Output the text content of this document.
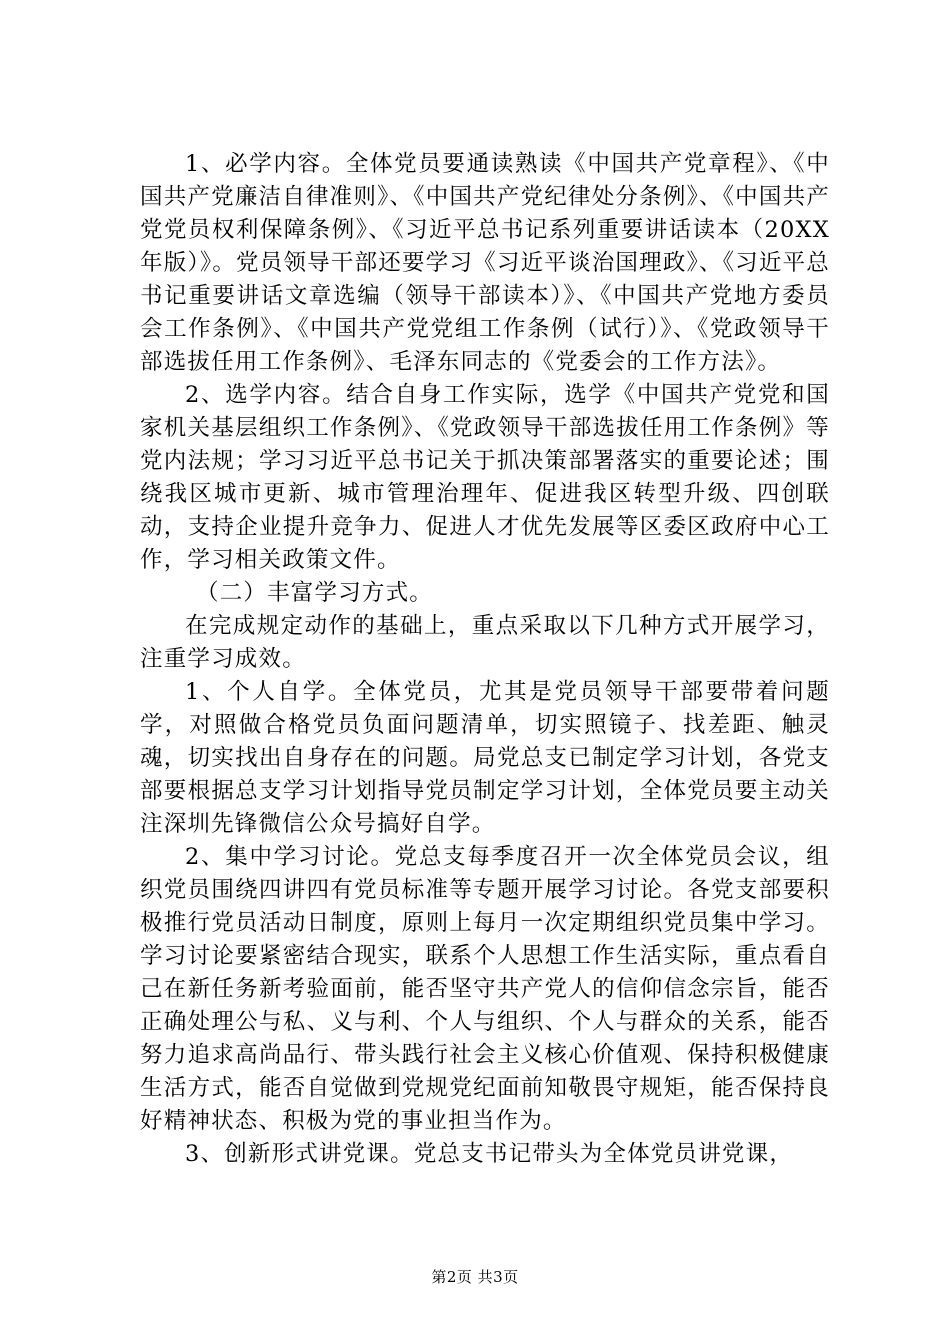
1、必学内容。全体党员要通读熟读《中国共产党章程》、《中国共产党廉洁自律准则》、《中国共产党纪律处分条例》、《中国共产党党员权利保障条例》、《习近平总书记系列重要讲话读本（20XX年版）》。党员领导干部还要学习《习近平谈治国理政》、《习近平总书记重要讲话文章选编（领导干部读本）》、《中国共产党地方委员会工作条例》、《中国共产党党组工作条例（试行）》、《党政领导干部选拔任用工作条例》、毛泽东同志的《党委会的工作方法》。

2、选学内容。结合自身工作实际，选学《中国共产党党和国家机关基层组织工作条例》、《党政领导干部选拔任用工作条例》等党内法规；学习习近平总书记关于抓决策部署落实的重要论述；围绕我区城市更新、城市管理治理年、促进我区转型升级、四创联动，支持企业提升竞争力、促进人才优先发展等区委区政府中心工作，学习相关政策文件。

（二）丰富学习方式。

在完成规定动作的基础上，重点采取以下几种方式开展学习，注重学习成效。

1、个人自学。全体党员，尤其是党员领导干部要带着问题学，对照做合格党员负面问题清单，切实照镜子、找差距、触灵魂，切实找出自身存在的问题。局党总支已制定学习计划，各党支部要根据总支学习计划指导党员制定学习计划，全体党员要主动关注深圳先锋微信公众号搞好自学。

2、集中学习讨论。党总支每季度召开一次全体党员会议，组织党员围绕四讲四有党员标准等专题开展学习讨论。各党支部要积极推行党员活动日制度，原则上每月一次定期组织党员集中学习。学习讨论要紧密结合现实，联系个人思想工作生活实际，重点看自己在新任务新考验面前，能否坚守共产党人的信仰信念宗旨，能否正确处理公与私、义与利、个人与组织、个人与群众的关系，能否努力追求高尚品行、带头践行社会主义核心价值观、保持积极健康生活方式，能否自觉做到党规党纪面前知敬畏守规矩，能否保持良好精神状态、积极为党的事业担当作为。

3、创新形式讲党课。党总支书记带头为全体党员讲党课，

第2页 共3页
